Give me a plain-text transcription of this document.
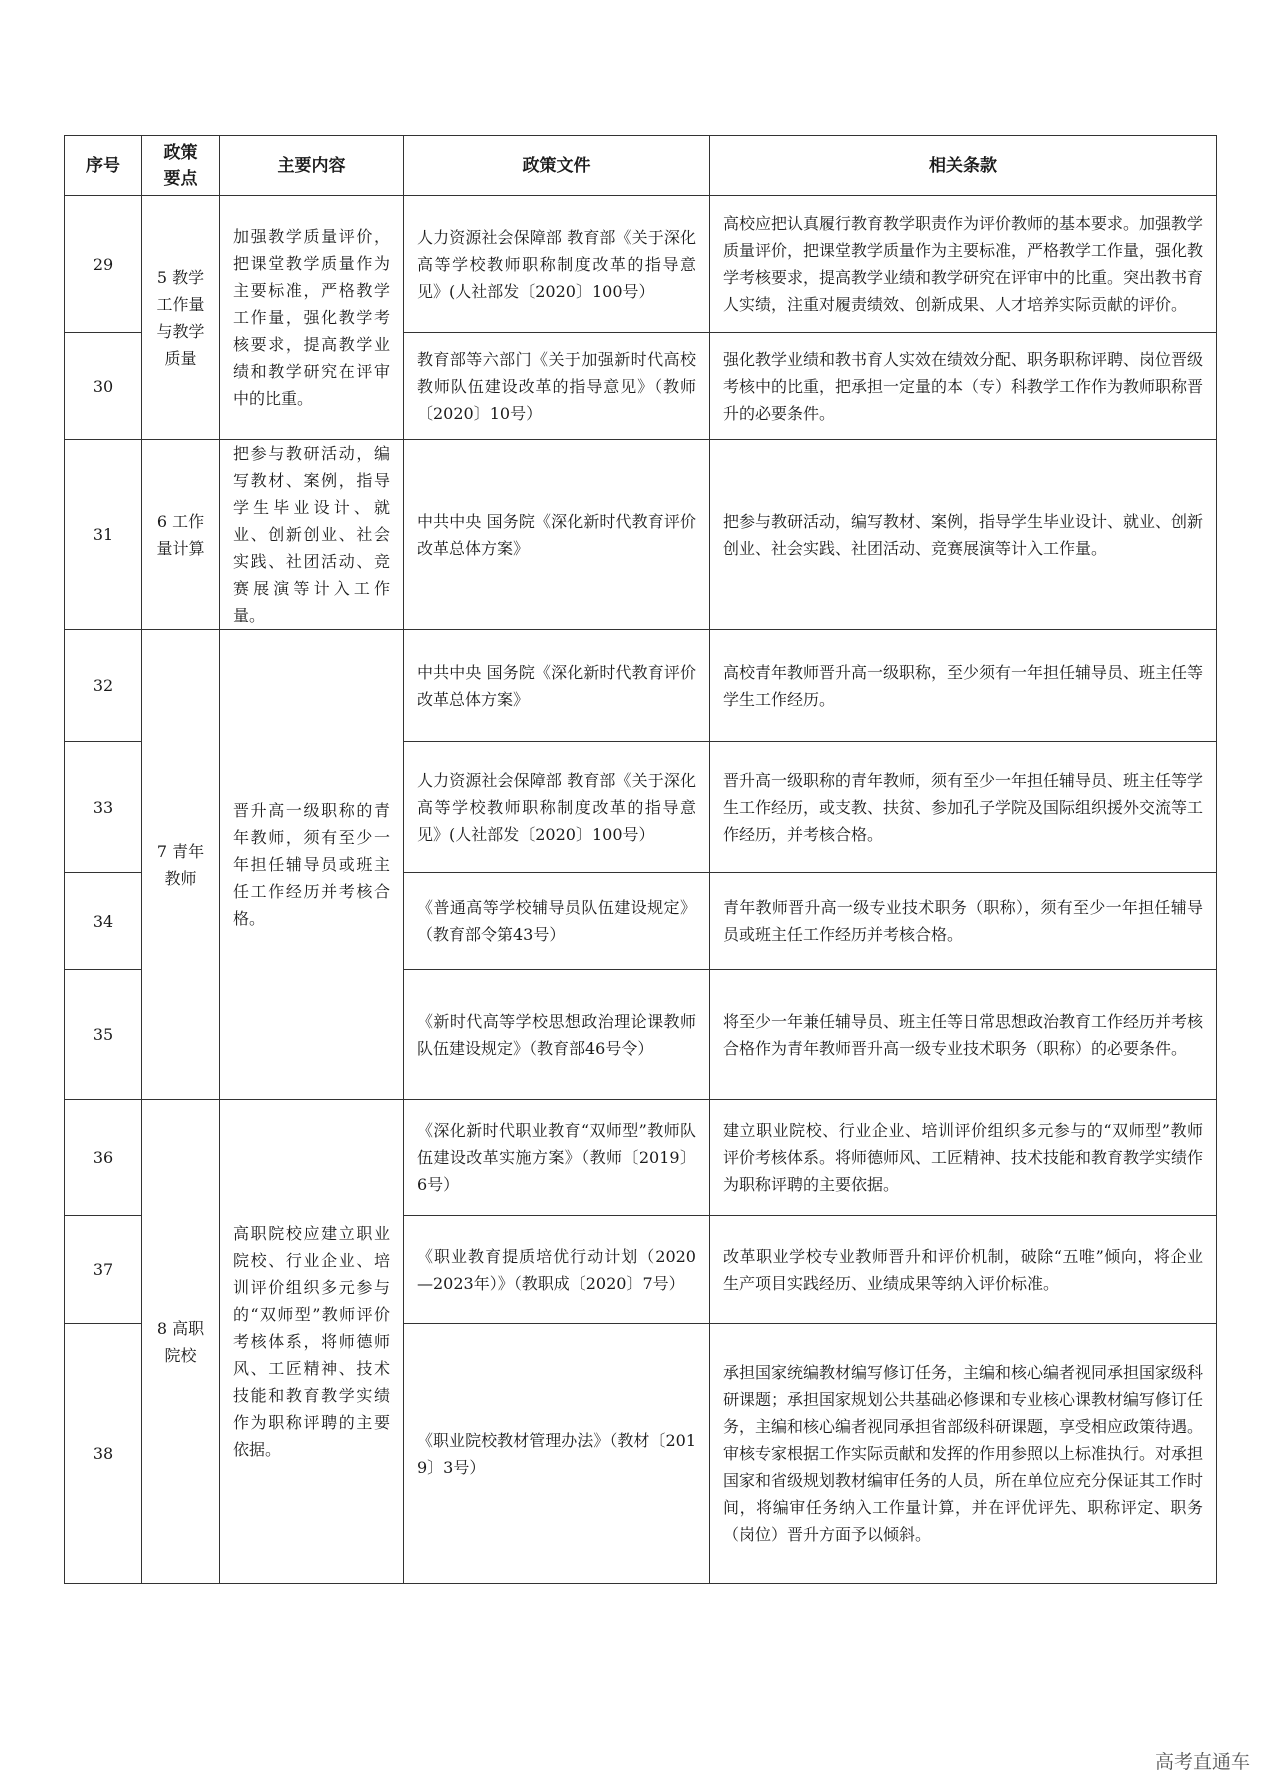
序号	政策要点	主要内容	政策文件	相关条款
29	5 教学工作量与教学质量	加强教学质量评价，把课堂教学质量作为主要标准，严格教学工作量，强化教学考核要求，提高教学业绩和教学研究在评审中的比重。	人力资源社会保障部 教育部《关于深化高等学校教师职称制度改革的指导意见》(人社部发〔2020〕100号）	高校应把认真履行教育教学职责作为评价教师的基本要求。加强教学质量评价，把课堂教学质量作为主要标准，严格教学工作量，强化教学考核要求，提高教学业绩和教学研究在评审中的比重。突出教书育人实绩，注重对履责绩效、创新成果、人才培养实际贡献的评价。
30			教育部等六部门《关于加强新时代高校教师队伍建设改革的指导意见》（教师〔2020〕10号）	强化教学业绩和教书育人实效在绩效分配、职务职称评聘、岗位晋级考核中的比重，把承担一定量的本（专）科教学工作作为教师职称晋升的必要条件。
31	6 工作量计算	把参与教研活动，编写教材、案例，指导学生毕业设计、就业、创新创业、社会实践、社团活动、竞赛展演等计入工作量。	中共中央 国务院《深化新时代教育评价改革总体方案》	把参与教研活动，编写教材、案例，指导学生毕业设计、就业、创新创业、社会实践、社团活动、竞赛展演等计入工作量。
32	7 青年教师	晋升高一级职称的青年教师，须有至少一年担任辅导员或班主任工作经历并考核合格。	中共中央 国务院《深化新时代教育评价改革总体方案》	高校青年教师晋升高一级职称，至少须有一年担任辅导员、班主任等学生工作经历。
33			人力资源社会保障部 教育部《关于深化高等学校教师职称制度改革的指导意见》(人社部发〔2020〕100号）	晋升高一级职称的青年教师，须有至少一年担任辅导员、班主任等学生工作经历，或支教、扶贫、参加孔子学院及国际组织援外交流等工作经历，并考核合格。
34			《普通高等学校辅导员队伍建设规定》（教育部令第43号）	青年教师晋升高一级专业技术职务（职称），须有至少一年担任辅导员或班主任工作经历并考核合格。
35			《新时代高等学校思想政治理论课教师队伍建设规定》（教育部46号令）	将至少一年兼任辅导员、班主任等日常思想政治教育工作经历并考核合格作为青年教师晋升高一级专业技术职务（职称）的必要条件。
36	8 高职院校	高职院校应建立职业院校、行业企业、培训评价组织多元参与的“双师型”教师评价考核体系，将师德师风、工匠精神、技术技能和教育教学实绩作为职称评聘的主要依据。	《深化新时代职业教育“双师型”教师队伍建设改革实施方案》（教师〔2019〕6号）	建立职业院校、行业企业、培训评价组织多元参与的“双师型”教师评价考核体系。将师德师风、工匠精神、技术技能和教育教学实绩作为职称评聘的主要依据。
37			《职业教育提质培优行动计划（2020—2023年）》（教职成〔2020〕7号）	改革职业学校专业教师晋升和评价机制，破除“五唯”倾向，将企业生产项目实践经历、业绩成果等纳入评价标准。
38			《职业院校教材管理办法》（教材〔2019〕3号）	承担国家统编教材编写修订任务，主编和核心编者视同承担国家级科研课题；承担国家规划公共基础必修课和专业核心课教材编写修订任务，主编和核心编者视同承担省部级科研课题，享受相应政策待遇。审核专家根据工作实际贡献和发挥的作用参照以上标准执行。对承担国家和省级规划教材编审任务的人员，所在单位应充分保证其工作时间，将编审任务纳入工作量计算，并在评优评先、职称评定、职务（岗位）晋升方面予以倾斜。
高考直通车
